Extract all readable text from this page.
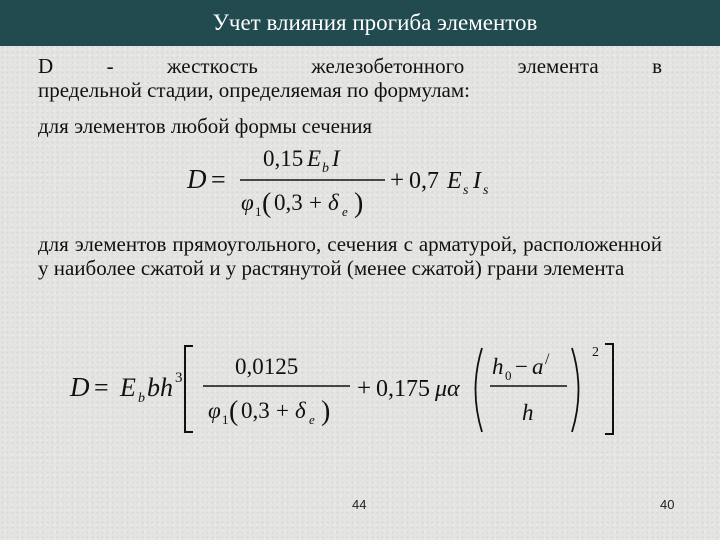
Учет влияния прогиба элементов
D - жесткость железобетонного элемента в
предельной стадии, определяемая по формулам:
для элементов любой формы сечения
D =
0,15 E b I
φ 1 ( 0,3 + δ e )
+ 0,7 E s I s
для элементов прямоугольного, сечения с арматурой, расположенной у наиболее сжатой и у растянутой (менее сжатой) грани элемента
D = E b bh 3 0,0125
φ 1 ( 0,3 + δ e )
+ 0,175 μα
h 0 − a /
h
2
44	40
